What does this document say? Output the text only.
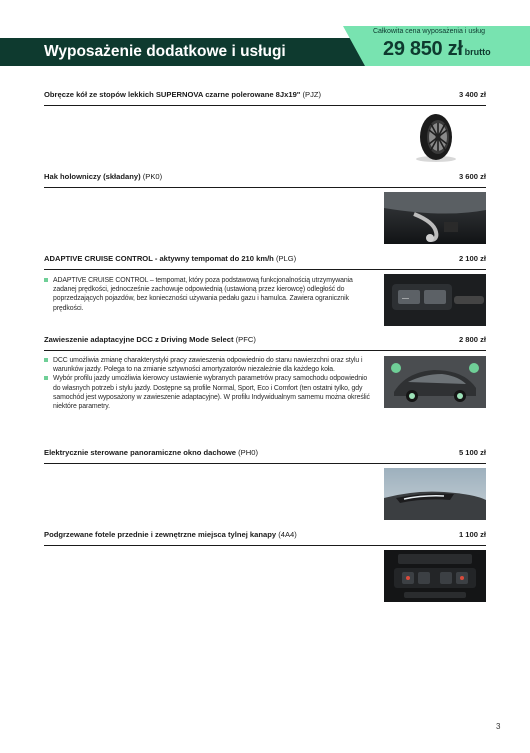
Wyposażenie dodatkowe i usługi
Całkowita cena wyposażenia i usług
29 850 zł brutto
Obręcze kół ze stopów lekkich SUPERNOVA czarne polerowane 8Jx19" (PJZ)	3 400 zł
Hak holowniczy (składany) (PK0)	3 600 zł
ADAPTIVE CRUISE CONTROL - aktywny tempomat do 210 km/h (PLG)	2 100 zł
ADAPTIVE CRUISE CONTROL – tempomat, który poza podstawową funkcjonalnością utrzymywania zadanej prędkości, jednocześnie zachowuje odpowiednią (ustawioną przez kierowcę) odległość do poprzedzających pojazdów, bez konieczności używania pedału gazu i hamulca. Zawiera ogranicznik prędkości.
―
Zawieszenie adaptacyjne DCC z Driving Mode Select (PFC)	2 800 zł
DCC umożliwia zmianę charakterystyki pracy zawieszenia odpowiednio do stanu nawierzchni oraz stylu i warunków jazdy. Polega to na zmianie sztywności amortyzatorów niezależnie dla każdego koła.
Wybór profilu jazdy umożliwia kierowcy ustawienie wybranych parametrów pracy samochodu odpowiednio do własnych potrzeb i stylu jazdy. Dostępne są profile Normal, Sport, Eco i Comfort (ten ostatni tylko, gdy samochód jest wyposażony w zawieszenie adaptacyjne). W profilu Indywidualnym samemu można określić niektóre parametry.
Elektrycznie sterowane panoramiczne okno dachowe (PH0)	5 100 zł
Podgrzewane fotele przednie i zewnętrzne miejsca tylnej kanapy (4A4)	1 100 zł
3
